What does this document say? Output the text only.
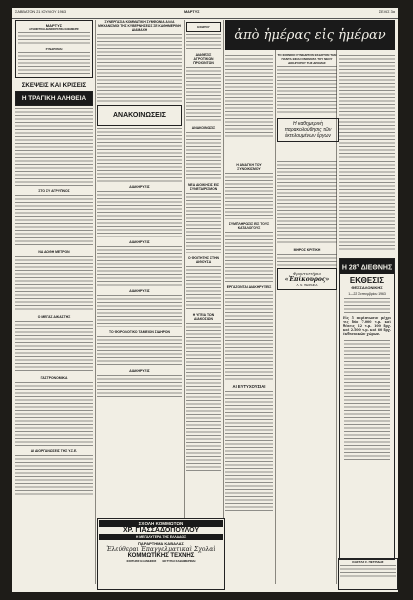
ΣΑΒΒΑΤΟΝ 21 ΙΟΥΛΙΟΥ 1963	ΜΑΡΤΥΣ	ΣΕΛΙΣ 3α
ΜΑΡΤΥΣ
ΑΓΩΝΙΣΤΙΚΗ ΔΗΜΟΚΡΑΤΙΚΗ ΕΦΗΜΕΡΙΣ
ΣΥΝΔΡΟΜΑΙ
ΣΚΕΨΕΙΣ ΚΑΙ ΚΡΙΣΕΙΣ
Η ΤΡΑΓΙΚΗ ΑΛΗΘΕΙΑ
ΣΤΟ ΣΥ ΑΓΡΥΠΝΟΣ
ΝΑ ΔΟΘΗ ΜΕΤΡΟΝ
Ο ΜΕΓΑΣ ΔΙΚΑΣΤΗΣ
ΓΑΣΤΡΟΝΟΜΙΚΑ
ΑΙ ΔΙΟΡΓΑΝΩΣΕΙΣ ΤΗΣ Υ.Σ.Ε.
ΣΥΝΕΡΓΑΣΙΑ ΚΟΜΜΑΤΙΚΗ ΣΥΜΦΩΝΙΑ ΑΛΛΑ ΜΗΧΑΝΙΣΜΟΙ ΤΗΣ ΚΥΒΕΡΝΗΣΕΩΣ ΣΕ ΚΑΘΗΜΕΡΙΝΗ ΔΙΑΜΑΧΗ
ΑΝΑΚΟΙΝΩΣΕΙΣ
ΔΙΑΚΗΡΥΞΙΣ
ΔΙΑΚΗΡΥΞΙΣ
ΔΙΑΚΗΡΥΞΙΣ
ΤΟ ΦΟΡΟΛΟΓΙΚΟ ΤΑΜΕΙΟΝ ΣΙΔΗΡΟΝ
ΔΙΑΚΗΡΥΞΙΣ
ΕΧΘΡΟΥ
ΔΙΑΘΕΣΙΣ ΑΓΡΟΤΙΚΩΝ ΠΡΟΙΟΝΤΩΝ
ΑΝΑΚΟΙΝΩΣΙΣ
ΝΕΑ ΔΙΟΙΚΗΣΙΣ ΕΙΣ ΣΥΝΕΤΑΙΡΙΣΜΟΝ
Ο ΦΟΙΤΗΤΗΣ ΣΤΗΝ ΑΙΘΟΥΣΑ
Η ΥΓΕΙΑ ΤΩΝ ΔΙΑΚΟΣΙΩΝ
ἀπὸ ἡμέρας εἰς ἡμέραν
ΤΟ ΦΟΙΝΙΚΟ ΣΥΝΕΔΡΙΟΝ ΕΚΔΟΤΟΝ ΤΗΝ ΠΑΝΤΑ ΕΙΝΑΙ ΟΝΟΜΑΤΑ ΤΟΥ ΝΕΟΥ ΔΙΚΗΓΟΡΟΥ ΤΗΣ ΔΡΑΜΑΣ
Η καθημερινὴ παρακολούθησις τῶν ἐκτελουμένων ἔργων
Η ΑΝΑΓΚΗ ΤΟΥ ΣΥΝΟΙΚΙΣΜΟΥ
ΣΥΜΠΛΗΡΩΣΙΣ ΕΙΣ ΤΟΥΣ ΚΑΤΑΛΟΓΟΥΣ
ΜΗΡΟΣ ΚΡΙΤΙΚΗ
Φροντιστήριο
«Ἐπίκουρος»
Λ. Ν. ΠΕΙΡΑΙΚΑ
ΕΡΓΑΖΟΝΤΑΙ ΔΙΑΚΗΡΥΞΕΙΣ
ΑΙ ΕΥΤΥΧΟΥΣΙΑΙ
Η $28^\eta$ ΔΙΕΘΝΗΣ
ΕΚΘΕΣΙΣ
ΘΕΣΣΑΛΟΝΙΚΗΣ
1—22 Σεπτεμβρίου 1963
Εἰς 5 περίπτωσιν μέχρι τις δύο 7.000 τ.μ. καὶ θέσεις 12 τ.μ. 100 δρχ. καὶ 2.500 τ.μ. καὶ 60 δρχ. ἐκθεσιακῶν χώρων.
ΣΧΟΛΗ ΚΟΜΜΩΤΩΝ
ΧΡ. ΓΙΑΣΣΑΔΟΠΟΥΛΟΥ
Η ΜΕΓΑΛΥΤΕΡΑ ΤΗΣ ΕΛΛΑΔΟΣ
ΠΑΡΑΡΤΗΜΑ ΚΑΒΑΛΑΣ
Ἐλεύθεραι Ἐπαγγελματικαὶ Σχολαὶ
ΚΟΜΜΩΤΙΚΗΣ ΤΕΧΝΗΣ
ΦΟΙΤΗΣΙΣ ΕΞΑΜΗΝΟΣ        ΕΚΤΥΠΑΙ ΚΑΘΗΜΕΡΙΝΑΙ	ΚΩΣΤΑΣ Σ. ΠΕΤΡΙΔΗΣ
